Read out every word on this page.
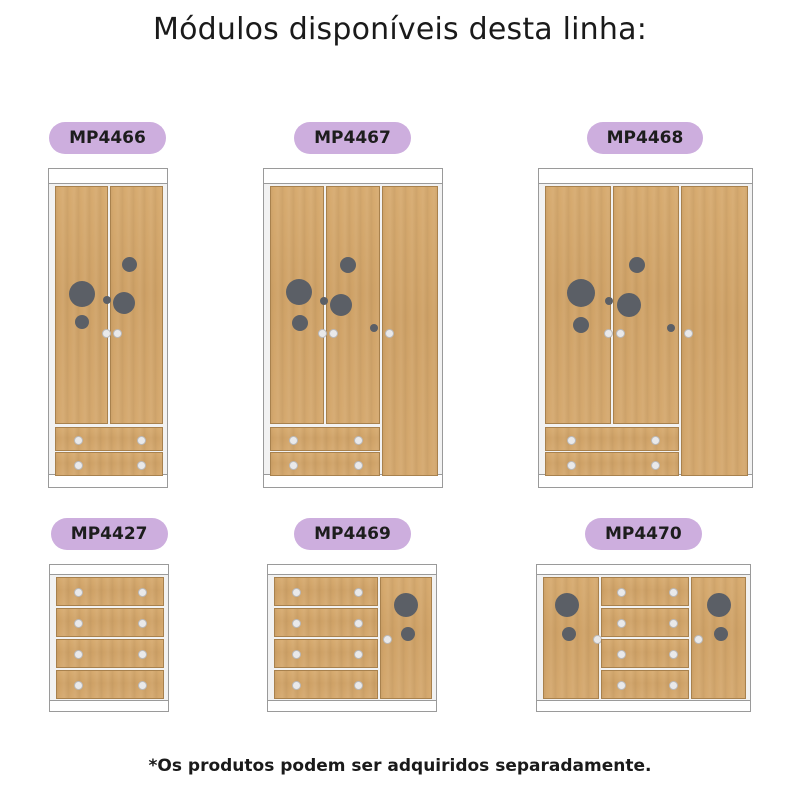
Módulos disponíveis desta linha:
MP4466	MP4467	MP4468
MP4427	MP4469	MP4470
*Os produtos podem ser adquiridos separadamente.
